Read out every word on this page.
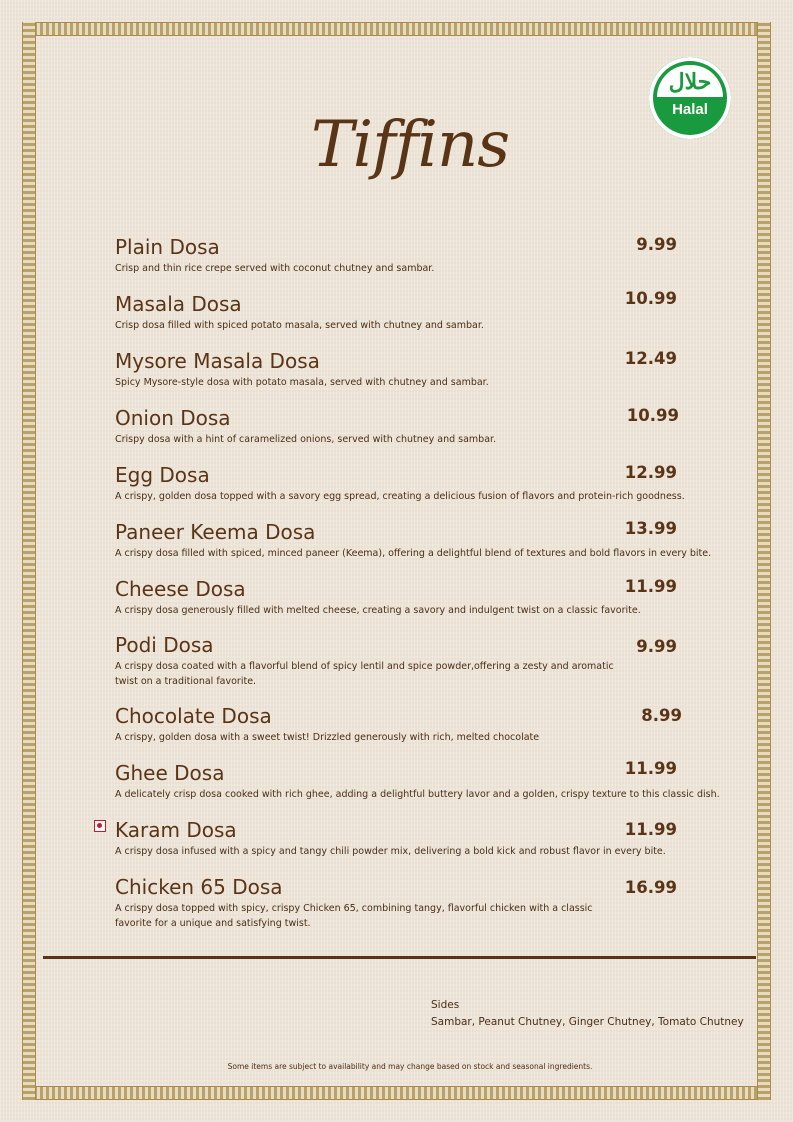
حلال
Halal
Tiffins
Plain Dosa
Crisp and thin rice crepe served with coconut chutney and sambar.
9.99
Masala Dosa
Crisp dosa filled with spiced potato masala, served with chutney and sambar.
10.99
Mysore Masala Dosa
Spicy Mysore-style dosa with potato masala, served with chutney and sambar.
12.49
Onion Dosa
Crispy dosa with a hint of caramelized onions, served with chutney and sambar.
10.99
Egg Dosa
A crispy, golden dosa topped with a savory egg spread, creating a delicious fusion of flavors and protein-rich goodness.
12.99
Paneer Keema Dosa
A crispy dosa filled with spiced, minced paneer (Keema), offering a delightful blend of textures and bold flavors in every bite.
13.99
Cheese Dosa
A crispy dosa generously filled with melted cheese, creating a savory and indulgent twist on a classic favorite.
11.99
Podi Dosa
A crispy dosa coated with a flavorful blend of spicy lentil and spice powder,offering a zesty and aromatic twist on a traditional favorite.
9.99
Chocolate Dosa
A crispy, golden dosa with a sweet twist! Drizzled generously with rich, melted chocolate
8.99
Ghee Dosa
A delicately crisp dosa cooked with rich ghee, adding a delightful buttery lavor and a golden, crispy texture to this classic dish.
11.99
Karam Dosa
A crispy dosa infused with a spicy and tangy chili powder mix, delivering a bold kick and robust flavor in every bite.
11.99
Chicken 65 Dosa
A crispy dosa topped with spicy, crispy Chicken 65, combining tangy, flavorful chicken with a classic favorite for a unique and satisfying twist.
16.99
Sides
Sambar, Peanut Chutney, Ginger Chutney, Tomato Chutney
Some items are subject to availability and may change based on stock and seasonal ingredients.
